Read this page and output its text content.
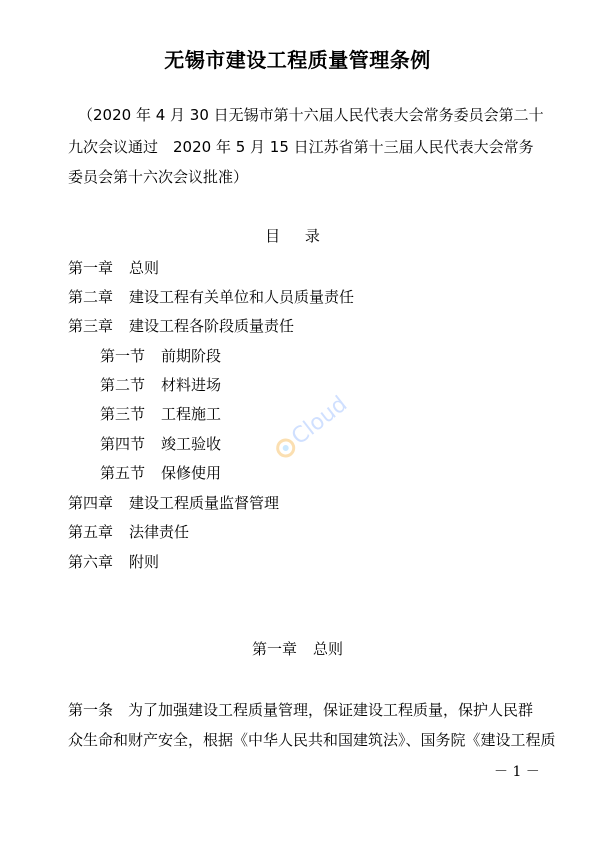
无锡市建设工程质量管理条例
（2020 年 4 月 30 日无锡市第十六届人民代表大会常务委员会第二十
九次会议通过　2020 年 5 月 15 日江苏省第十三届人民代表大会常务
委员会第十六次会议批准）
目 录
第一章 总则
第二章 建设工程有关单位和人员质量责任
第三章 建设工程各阶段质量责任
第一节 前期阶段
第二节 材料进场
第三节 工程施工
第四节 竣工验收
第五节 保修使用
第四章 建设工程质量监督管理
第五章 法律责任
第六章 附则
第一章 总则
第一条　为了加强建设工程质量管理，保证建设工程质量，保护人民群
众生命和财产安全，根据《中华人民共和国建筑法》、国务院《建设工程质
－ 1 －
Cloud
